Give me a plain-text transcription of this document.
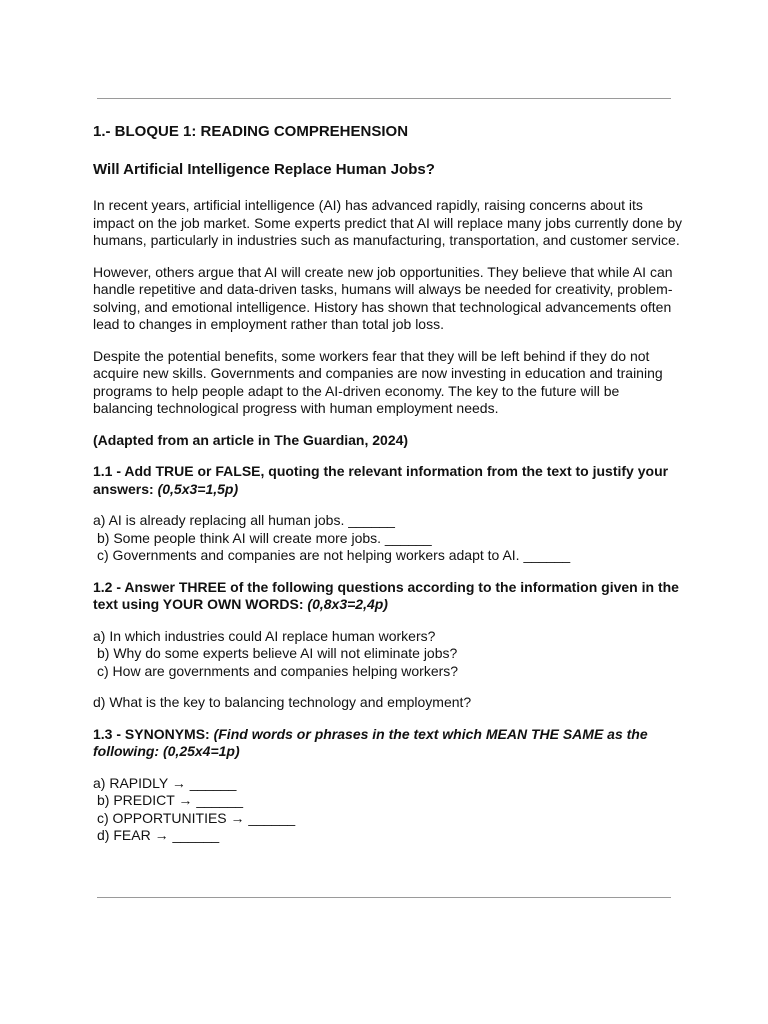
1.- BLOQUE 1: READING COMPREHENSION
Will Artificial Intelligence Replace Human Jobs?

In recent years, artificial intelligence (AI) has advanced rapidly, raising concerns about its impact on the job market. Some experts predict that AI will replace many jobs currently done by humans, particularly in industries such as manufacturing, transportation, and customer service.

However, others argue that AI will create new job opportunities. They believe that while AI can handle repetitive and data-driven tasks, humans will always be needed for creativity, problem-solving, and emotional intelligence. History has shown that technological advancements often lead to changes in employment rather than total job loss.

Despite the potential benefits, some workers fear that they will be left behind if they do not acquire new skills. Governments and companies are now investing in education and training programs to help people adapt to the AI-driven economy. The key to the future will be balancing technological progress with human employment needs.

(Adapted from an article in The Guardian, 2024)

1.1 - Add TRUE or FALSE, quoting the relevant information from the text to justify your answers: (0,5x3=1,5p)

a) AI is already replacing all human jobs. ______
b) Some people think AI will create more jobs. ______
c) Governments and companies are not helping workers adapt to AI. ______

1.2 - Answer THREE of the following questions according to the information given in the text using YOUR OWN WORDS: (0,8x3=2,4p)

a) In which industries could AI replace human workers?
b) Why do some experts believe AI will not eliminate jobs?
c) How are governments and companies helping workers?
d) What is the key to balancing technology and employment?

1.3 - SYNONYMS: (Find words or phrases in the text which MEAN THE SAME as the following: (0,25x4=1p)

a) RAPIDLY → ______
b) PREDICT → ______
c) OPPORTUNITIES → ______
d) FEAR → ______
